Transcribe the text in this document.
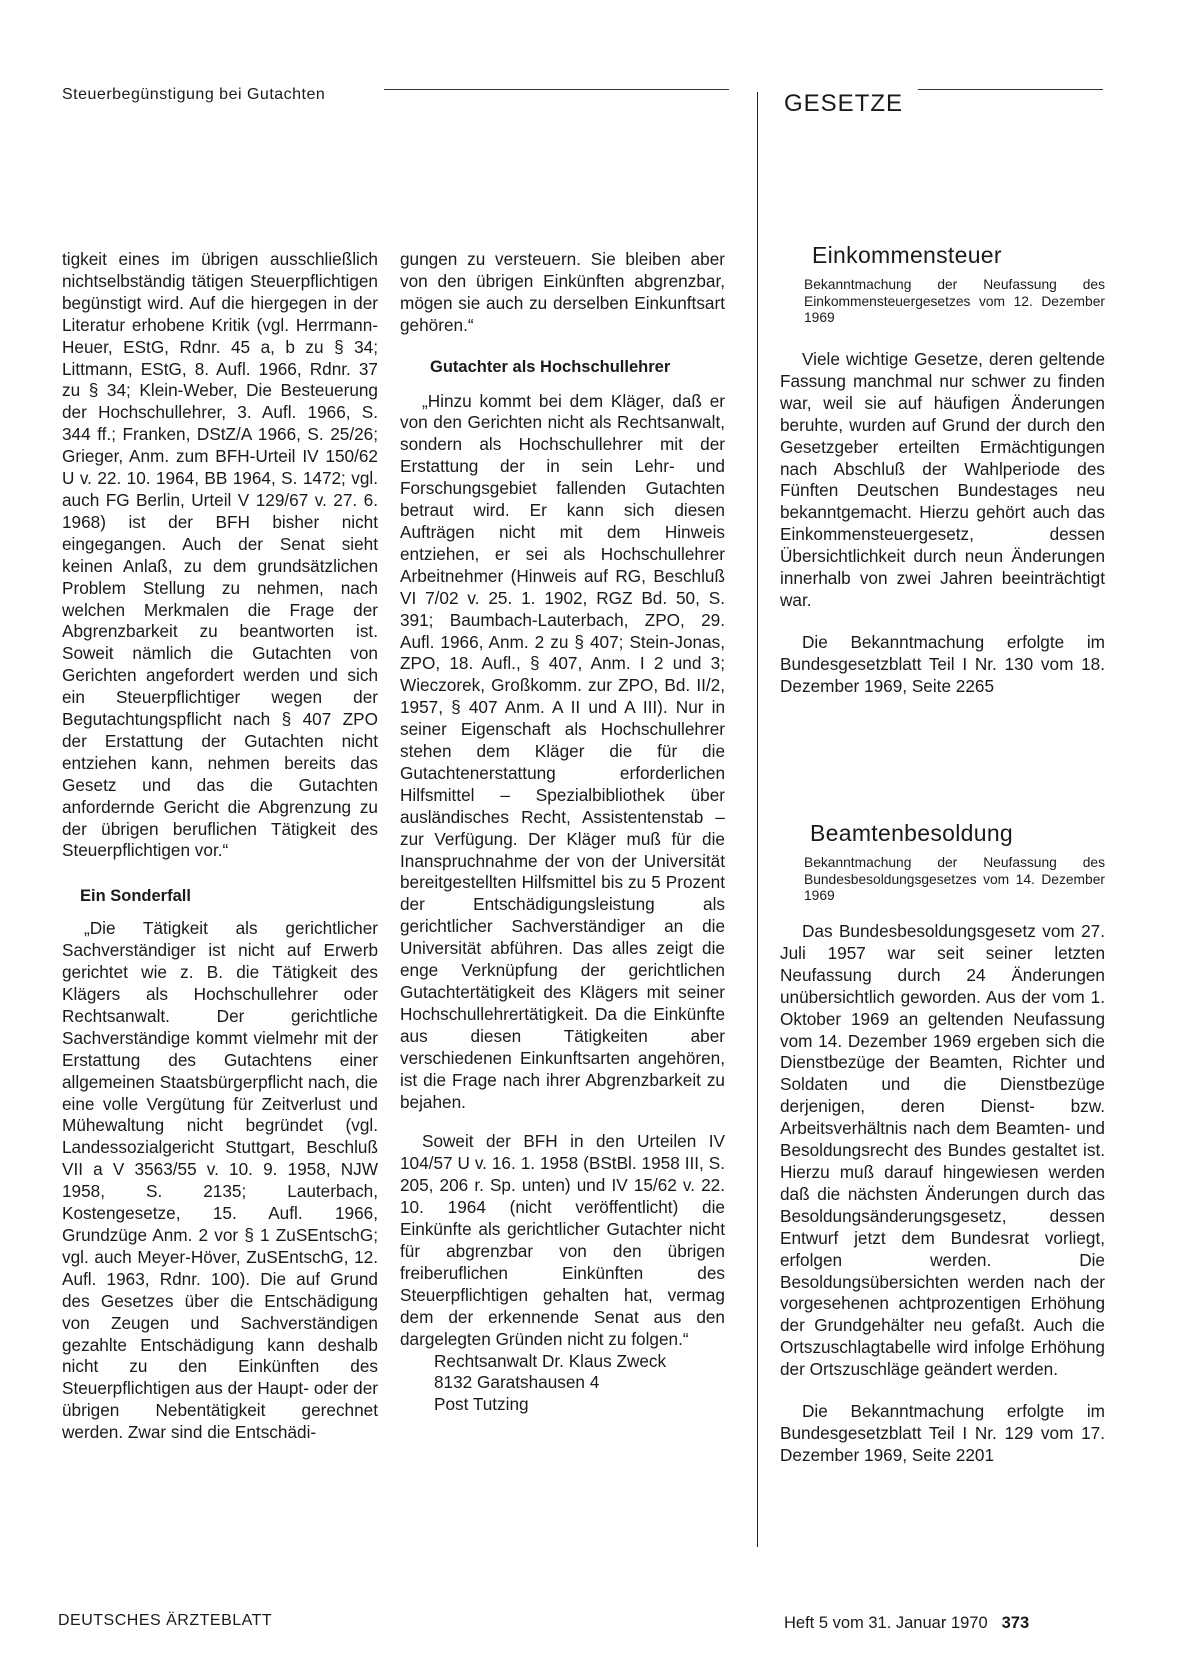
Steuerbegünstigung bei Gutachten	GESETZE

tigkeit eines im übrigen ausschließlich nichtselbständig tätigen Steuerpflichtigen begünstigt wird. Auf die hiergegen in der Literatur erhobene Kritik (vgl. Herrmann-Heuer, EStG, Rdnr. 45 a, b zu § 34; Littmann, EStG, 8. Aufl. 1966, Rdnr. 37 zu § 34; Klein-Weber, Die Besteuerung der Hochschullehrer, 3. Aufl. 1966, S. 344 ff.; Franken, DStZ/A 1966, S. 25/26; Grieger, Anm. zum BFH-Urteil IV 150/62 U v. 22. 10. 1964, BB 1964, S. 1472; vgl. auch FG Berlin, Urteil V 129/67 v. 27. 6. 1968) ist der BFH bisher nicht eingegangen. Auch der Senat sieht keinen Anlaß, zu dem grundsätzlichen Problem Stellung zu nehmen, nach welchen Merkmalen die Frage der Abgrenzbarkeit zu beantworten ist. Soweit nämlich die Gutachten von Gerichten angefordert werden und sich ein Steuerpflichtiger wegen der Begutachtungspflicht nach § 407 ZPO der Erstattung der Gutachten nicht entziehen kann, nehmen bereits das Gesetz und das die Gutachten anfordernde Gericht die Abgrenzung zu der übrigen beruflichen Tätigkeit des Steuerpflichtigen vor.“

Ein Sonderfall

„Die Tätigkeit als gerichtlicher Sachverständiger ist nicht auf Erwerb gerichtet wie z. B. die Tätigkeit des Klägers als Hochschullehrer oder Rechtsanwalt. Der gerichtliche Sachverständige kommt vielmehr mit der Erstattung des Gutachtens einer allgemeinen Staatsbürgerpflicht nach, die eine volle Vergütung für Zeitverlust und Mühewaltung nicht begründet (vgl. Landessozialgericht Stuttgart, Beschluß VII a V 3563/55 v. 10. 9. 1958, NJW 1958, S. 2135; Lauterbach, Kostengesetze, 15. Aufl. 1966, Grundzüge Anm. 2 vor § 1 ZuSEntschG; vgl. auch Meyer-Höver, ZuSEntschG, 12. Aufl. 1963, Rdnr. 100). Die auf Grund des Gesetzes über die Entschädigung von Zeugen und Sachverständigen gezahlte Entschädigung kann deshalb nicht zu den Einkünften des Steuerpflichtigen aus der Haupt- oder der übrigen Nebentätigkeit gerechnet werden. Zwar sind die Entschädi-

gungen zu versteuern. Sie bleiben aber von den übrigen Einkünften abgrenzbar, mögen sie auch zu derselben Einkunftsart gehören.“

Gutachter als Hochschullehrer

„Hinzu kommt bei dem Kläger, daß er von den Gerichten nicht als Rechtsanwalt, sondern als Hochschullehrer mit der Erstattung der in sein Lehr- und Forschungsgebiet fallenden Gutachten betraut wird. Er kann sich diesen Aufträgen nicht mit dem Hinweis entziehen, er sei als Hochschullehrer Arbeitnehmer (Hinweis auf RG, Beschluß VI 7/02 v. 25. 1. 1902, RGZ Bd. 50, S. 391; Baumbach-Lauterbach, ZPO, 29. Aufl. 1966, Anm. 2 zu § 407; Stein-Jonas, ZPO, 18. Aufl., § 407, Anm. I 2 und 3; Wieczorek, Großkomm. zur ZPO, Bd. II/2, 1957, § 407 Anm. A II und A III). Nur in seiner Eigenschaft als Hochschullehrer stehen dem Kläger die für die Gutachtenerstattung erforderlichen Hilfsmittel – Spezialbibliothek über ausländisches Recht, Assistentenstab – zur Verfügung. Der Kläger muß für die Inanspruchnahme der von der Universität bereitgestellten Hilfsmittel bis zu 5 Prozent der Entschädigungsleistung als gerichtlicher Sachverständiger an die Universität abführen. Das alles zeigt die enge Verknüpfung der gerichtlichen Gutachtertätigkeit des Klägers mit seiner Hochschullehrertätigkeit. Da die Einkünfte aus diesen Tätigkeiten aber verschiedenen Einkunftsarten angehören, ist die Frage nach ihrer Abgrenzbarkeit zu bejahen.

Soweit der BFH in den Urteilen IV 104/57 U v. 16. 1. 1958 (BStBl. 1958 III, S. 205, 206 r. Sp. unten) und IV 15/62 v. 22. 10. 1964 (nicht veröffentlicht) die Einkünfte als gerichtlicher Gutachter nicht für abgrenzbar von den übrigen freiberuflichen Einkünften des Steuerpflichtigen gehalten hat, vermag dem der erkennende Senat aus den dargelegten Gründen nicht zu folgen.“

Rechtsanwalt Dr. Klaus Zweck

8132 Garatshausen 4

Post Tutzing

Einkommensteuer
Bekanntmachung der Neufassung des Einkommensteuergesetzes vom 12. Dezember 1969

Viele wichtige Gesetze, deren geltende Fassung manchmal nur schwer zu finden war, weil sie auf häufigen Änderungen beruhte, wurden auf Grund der durch den Gesetzgeber erteilten Ermächtigungen nach Abschluß der Wahlperiode des Fünften Deutschen Bundestages neu bekanntgemacht. Hierzu gehört auch das Einkommensteuergesetz, dessen Übersichtlichkeit durch neun Änderungen innerhalb von zwei Jahren beeinträchtigt war.

Die Bekanntmachung erfolgte im Bundesgesetzblatt Teil I Nr. 130 vom 18. Dezember 1969, Seite 2265

Beamtenbesoldung
Bekanntmachung der Neufassung des Bundesbesoldungsgesetzes vom 14. Dezember 1969

Das Bundesbesoldungsgesetz vom 27. Juli 1957 war seit seiner letzten Neufassung durch 24 Änderungen unübersichtlich geworden. Aus der vom 1. Oktober 1969 an geltenden Neufassung vom 14. Dezember 1969 ergeben sich die Dienstbezüge der Beamten, Richter und Soldaten und die Dienstbezüge derjenigen, deren Dienst- bzw. Arbeitsverhältnis nach dem Beamten- und Besoldungsrecht des Bundes gestaltet ist. Hierzu muß darauf hingewiesen werden daß die nächsten Änderungen durch das Besoldungsänderungsgesetz, dessen Entwurf jetzt dem Bundesrat vorliegt, erfolgen werden. Die Besoldungsübersichten werden nach der vorgesehenen achtprozentigen Erhöhung der Grundgehälter neu gefaßt. Auch die Ortszuschlagtabelle wird infolge Erhöhung der Ortszuschläge geändert werden.

Die Bekanntmachung erfolgte im Bundesgesetzblatt Teil I Nr. 129 vom 17. Dezember 1969, Seite 2201

DEUTSCHES ÄRZTEBLATT	Heft 5 vom 31. Januar 1970 373
